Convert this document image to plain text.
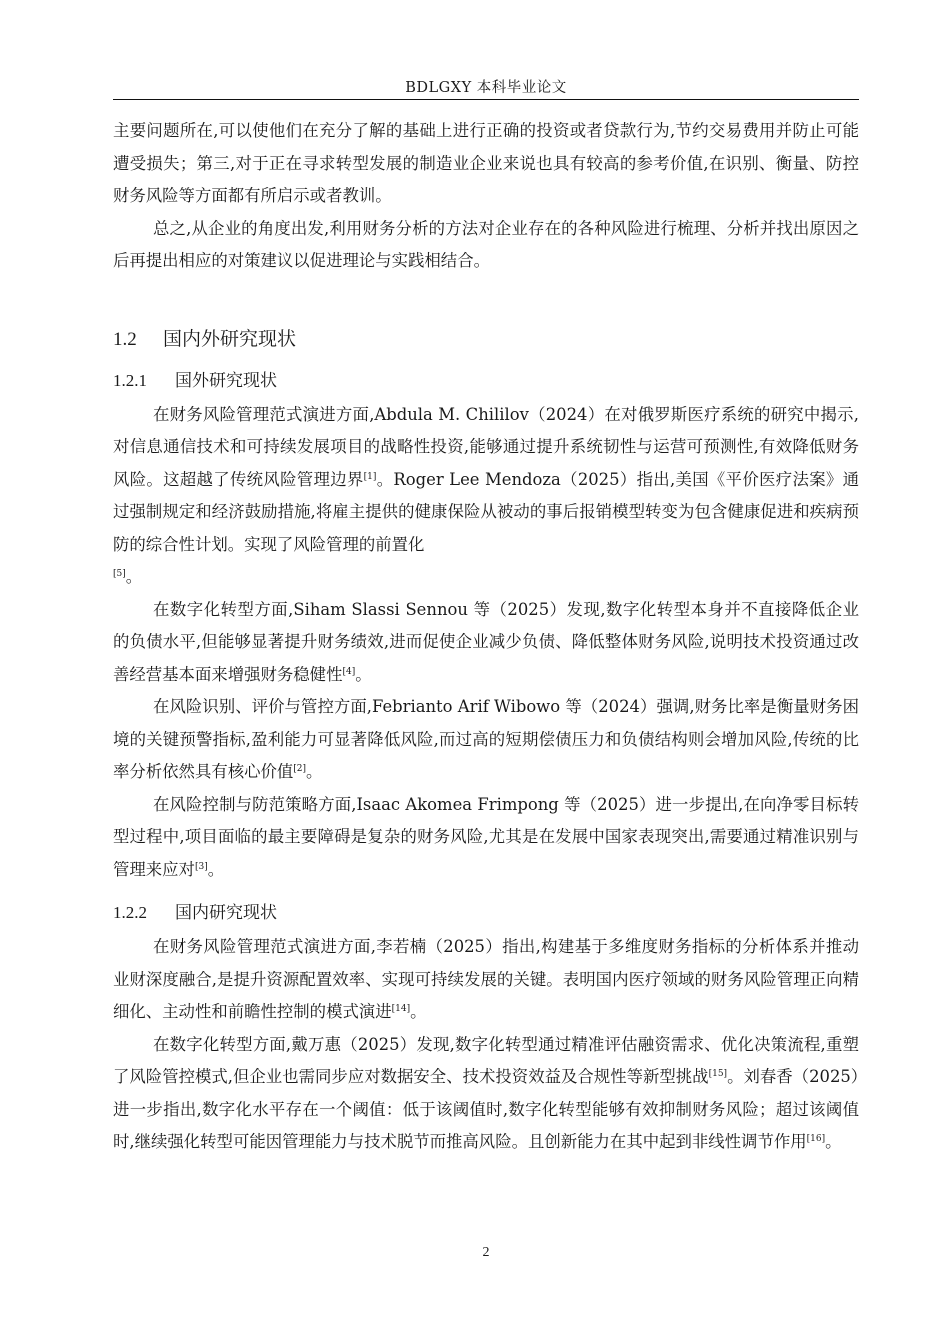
BDLGXY 本科毕业论文

主要问题所在,可以使他们在充分了解的基础上进行正确的投资或者贷款行为,节约交易费用并防止可能遭受损失；第三,对于正在寻求转型发展的制造业企业来说也具有较高的参考价值,在识别、衡量、防控财务风险等方面都有所启示或者教训。

总之,从企业的角度出发,利用财务分析的方法对企业存在的各种风险进行梳理、分析并找出原因之后再提出相应的对策建议以促进理论与实践相结合。

1.2 国内外研究现状
1.2.1 国外研究现状

在财务风险管理范式演进方面,Abdula M. Chililov（2024）在对俄罗斯医疗系统的研究中揭示,对信息通信技术和可持续发展项目的战略性投资,能够通过提升系统韧性与运营可预测性,有效降低财务风险。这超越了传统风险管理边界[1]。Roger Lee Mendoza（2025）指出,美国《平价医疗法案》通过强制规定和经济鼓励措施,将雇主提供的健康保险从被动的事后报销模型转变为包含健康促进和疾病预防的综合性计划。实现了风险管理的前置化
[5]。

在数字化转型方面,Siham Slassi Sennou 等（2025）发现,数字化转型本身并不直接降低企业的负债水平,但能够显著提升财务绩效,进而促使企业减少负债、降低整体财务风险,说明技术投资通过改善经营基本面来增强财务稳健性[4]。

在风险识别、评价与管控方面,Febrianto Arif Wibowo 等（2024）强调,财务比率是衡量财务困境的关键预警指标,盈利能力可显著降低风险,而过高的短期偿债压力和负债结构则会增加风险,传统的比率分析依然具有核心价值[2]。

在风险控制与防范策略方面,Isaac Akomea Frimpong 等（2025）进一步提出,在向净零目标转型过程中,项目面临的最主要障碍是复杂的财务风险,尤其是在发展中国家表现突出,需要通过精准识别与管理来应对[3]。

1.2.2 国内研究现状

在财务风险管理范式演进方面,李若楠（2025）指出,构建基于多维度财务指标的分析体系并推动业财深度融合,是提升资源配置效率、实现可持续发展的关键。表明国内医疗领域的财务风险管理正向精细化、主动性和前瞻性控制的模式演进[14]。

在数字化转型方面,戴万惠（2025）发现,数字化转型通过精准评估融资需求、优化决策流程,重塑了风险管控模式,但企业也需同步应对数据安全、技术投资效益及合规性等新型挑战[15]。刘春香（2025）进一步指出,数字化水平存在一个阈值：低于该阈值时,数字化转型能够有效抑制财务风险；超过该阈值时,继续强化转型可能因管理能力与技术脱节而推高风险。且创新能力在其中起到非线性调节作用[16]。

2
